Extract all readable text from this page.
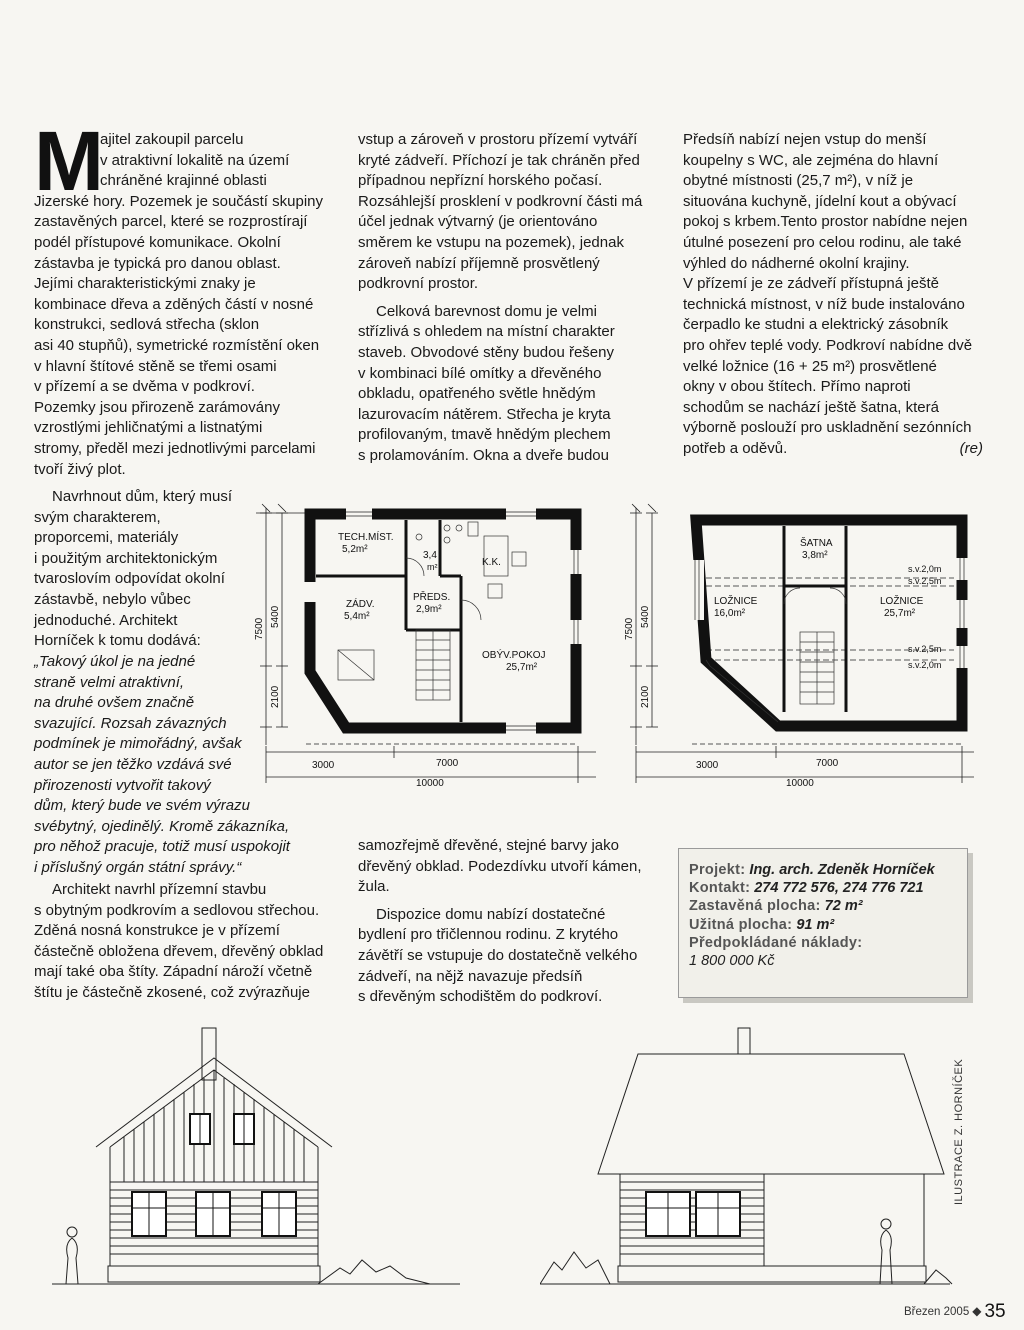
M

ajitel zakoupil parcelu

v atraktivní lokalitě na území

chráněné krajinné oblasti

Jizerské hory. Pozemek je součástí skupiny

zastavěných parcel, které se rozprostírají

podél přístupové komunikace. Okolní

zástavba je typická pro danou oblast.

Jejími charakteristickými znaky je

kombinace dřeva a zděných částí v nosné

konstrukci, sedlová střecha (sklon

asi 40 stupňů), symetrické rozmístění oken

v hlavní štítové stěně se třemi osami

v přízemí a se dvěma v podkroví.

Pozemky jsou přirozeně zarámovány

vzrostlými jehličnatými a listnatými

stromy, předěl mezi jednotlivými parcelami

tvoří živý plot.

Navrhnout dům, který musí

svým charakterem,

proporcemi, materiály

i použitým architektonickým

tvaroslovím odpovídat okolní

zástavbě, nebylo vůbec

jednoduché. Architekt

Horníček k tomu dodává:

„Takový úkol je na jedné

straně velmi atraktivní,

na druhé ovšem značně

svazující. Rozsah závazných

podmínek je mimořádný, avšak

autor se jen těžko vzdává své

přirozenosti vytvořit takový

dům, který bude ve svém výrazu

svébytný, ojedinělý. Kromě zákazníka,

pro něhož pracuje, totiž musí uspokojit

i příslušný orgán státní správy.“

Architekt navrhl přízemní stavbu

s obytným podkrovím a sedlovou střechou.

Zděná nosná konstrukce je v přízemí

částečně obložena dřevem, dřevěný obklad

mají také oba štíty. Západní nároží včetně

štítu je částečně zkosené, což zvýrazňuje

vstup a zároveň v prostoru přízemí vytváří

kryté zádveří. Příchozí je tak chráněn před

případnou nepřízní horského počasí.

Rozsáhlejší prosklení v podkrovní části má

účel jednak výtvarný (je orientováno

směrem ke vstupu na pozemek), jednak

zároveň nabízí příjemně prosvětlený

podkrovní prostor.

Celková barevnost domu je velmi

střízlivá s ohledem na místní charakter

staveb. Obvodové stěny budou řešeny

v kombinaci bílé omítky a dřevěného

obkladu, opatřeného světle hnědým

lazurovacím nátěrem. Střecha je kryta

profilovaným, tmavě hnědým plechem

s prolamováním. Okna a dveře budou

samozřejmě dřevěné, stejné barvy jako

dřevěný obklad. Podezdívku utvoří kámen,

žula.

Dispozice domu nabízí dostatečné

bydlení pro třičlennou rodinu. Z krytého

závětří se vstupuje do dostatečně velkého

zádveří, na nějž navazuje předsíň

s dřevěným schodištěm do podkroví.

Předsíň nabízí nejen vstup do menší

koupelny s WC, ale zejména do hlavní

obytné místnosti (25,7 m²), v níž je

situována kuchyně, jídelní kout a obývací

pokoj s krbem.Tento prostor nabídne nejen

útulné posezení pro celou rodinu, ale také

výhled do nádherné okolní krajiny.

V přízemí je ze zádveří přístupná ještě

technická místnost, v níž bude instalováno

čerpadlo ke studni a elektrický zásobník

pro ohřev teplé vody. Podkroví nabídne dvě

velké ložnice (16 + 25 m²) prosvětlené

okny v obou štítech. Přímo naproti

schodům se nachází ještě šatna, která

výborně poslouží pro uskladnění sezónních

potřeb a oděvů.	(re)

TECH.MÍST.
5,2m²
3,4
m²	K.K.
ZÁDV.
5,4m²
PŘEDS.
2,9m²
OBÝV.POKOJ
25,7m²
7500
5400
2100
3000	7000
10000
ŠATNA
3,8m²
LOŽNICE
16,0m²
LOŽNICE
25,7m²
s.v.2,0m
s.v.2,5m
s.v.2,5m
s.v.2,0m
7500
5400
2100
3000	7000
10000
Projekt: Ing. arch. Zdeněk Horníček
Kontakt: 274 772 576, 274 776 721
Zastavěná plocha: 72 m²
Užitná plocha: 91 m²
Předpokládané náklady:
1 800 000 Kč
ILUSTRACE Z. HORNÍČEK
Březen 2005 ◆ 35
